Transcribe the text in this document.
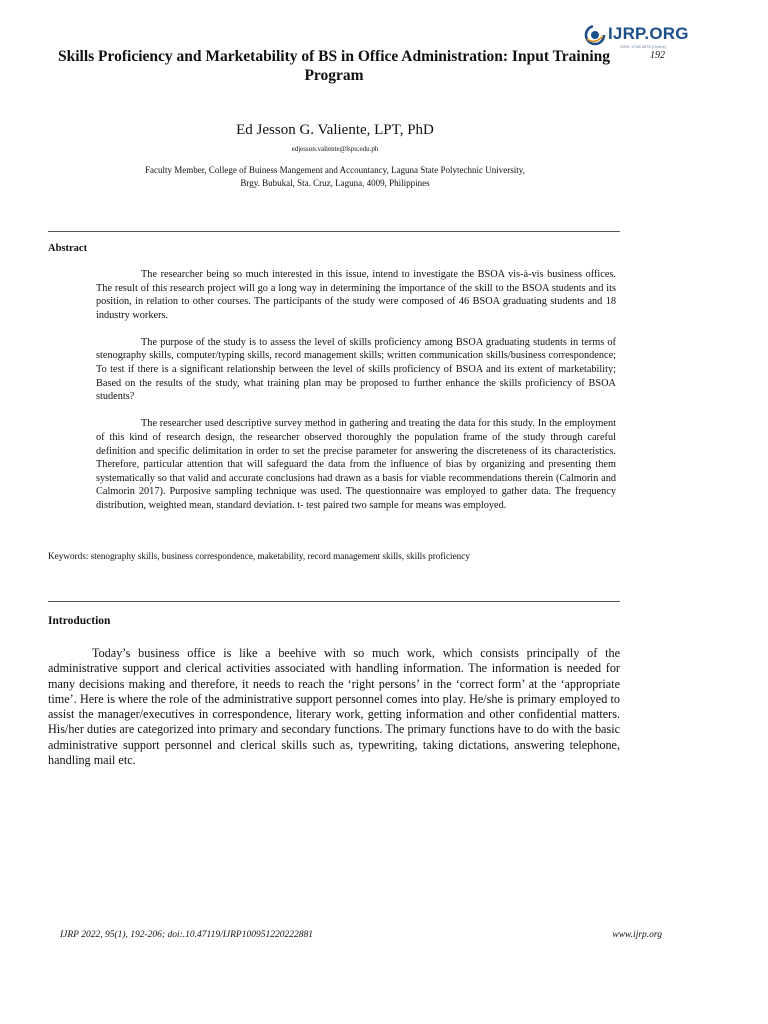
IJRP.ORG
ISSN: 2708-3578 (Online)
192
Skills Proficiency and Marketability of BS in Office Administration: Input Training Program
Ed Jesson G. Valiente, LPT, PhD
edjesson.valiente@lspu.edu.ph
Faculty Member, College of Buiness Mangement and Accountancy, Laguna State Polytechnic University,
Brgy. Bubukal, Sta. Cruz, Laguna, 4009, Philippines
Abstract

The researcher being so much interested in this issue, intend to investigate the BSOA vis-à-vis business offices. The result of this research project will go a long way in determining the importance of the skill to the BSOA students and its position, in relation to other courses. The participants of the study were composed of 46 BSOA graduating students and 18 industry workers.

The purpose of the study is to assess the level of skills proficiency among BSOA graduating students in terms of stenography skills, computer/typing skills, record management skills; written communication skills/business correspondence; To test if there is a significant relationship between the level of skills proficiency of BSOA and its extent of marketability; Based on the results of the study, what training plan may be proposed to further enhance the skills proficiency of BSOA students?

The researcher used descriptive survey method in gathering and treating the data for this study. In the employment of this kind of research design, the researcher observed thoroughly the population frame of the study through careful definition and specific delimitation in order to set the precise parameter for answering the discreteness of its characteristics. Therefore, particular attention that will safeguard the data from the influence of bias by organizing and presenting them systematically so that valid and accurate conclusions had drawn as a basis for viable recommendations therein (Calmorin and Calmorin 2017). Purposive sampling technique was used. The questionnaire was employed to gather data. The frequency distribution, weighted mean, standard deviation. t- test paired two sample for means was employed.

Keywords: stenography skills, business correspondence, maketability, record management skills, skills proficiency
Introduction

Today’s business office is like a beehive with so much work, which consists principally of the administrative support and clerical activities associated with handling information. The information is needed for many decisions making and therefore, it needs to reach the ‘right persons’ in the ‘correct form’ at the ‘appropriate time’. Here is where the role of the administrative support personnel comes into play. He/she is primary employed to assist the manager/executives in correspondence, literary work, getting information and other confidential matters. His/her duties are categorized into primary and secondary functions. The primary functions have to do with the basic administrative support personnel and clerical skills such as, typewriting, taking dictations, answering telephone, handling mail etc.

IJRP 2022, 95(1), 192-206; doi:.10.47119/IJRP100951220222881	www.ijrp.org
